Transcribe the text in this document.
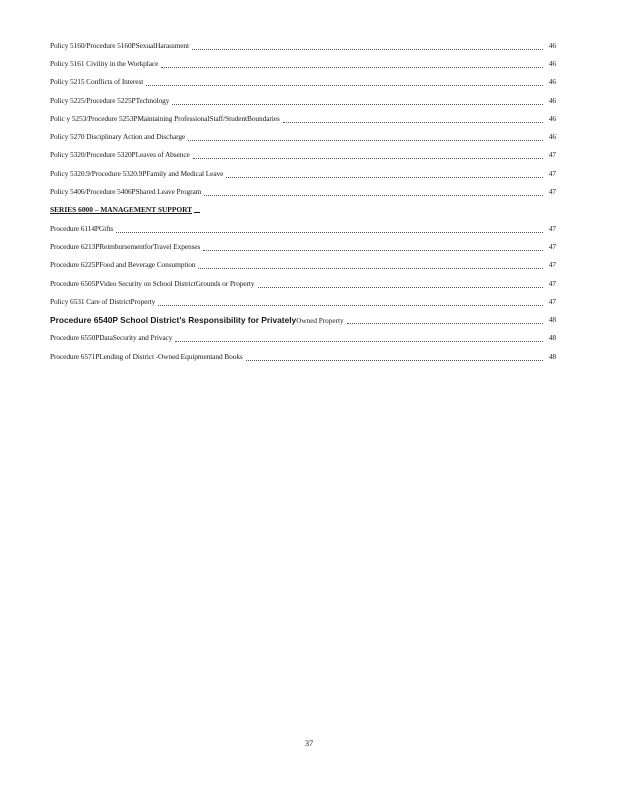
Policy 5160/Procedure 5160PSexualHarassment	46
Policy 5161 Civility in the Workplace	46
Policy 5215 Conflicts of Interest	46
Policy 5225/Procedure 5225PTechnology	46
Polic y 5253/Procedure 5253PMaintaining ProfessionalStaff/StudentBoundaries	46
Policy 5270 Disciplinary Action and Discharge	46
Policy 5320/Procedure 5320PLeaves of Absence	47
Policy 5320.9/Procedure 5320.9PFamily and Medical Leave	47
Policy 5406/Procedure 5406PShared Leave Program	47
SERIES 6000 – MANAGEMENT SUPPORT
Procedure 6114PGifts	47
Procedure 6213PReimbursementforTravel Expenses	47
Procedure 6225PFood and Beverage Consumption	47
Procedure 6505PVideo Security on School DistrictGrounds or Property	47
Policy 6531 Care of DistrictProperty	47
Procedure 6540P School District’s Responsibility for PrivatelyOwned Property	48
Procedure 6550PDataSecurity and Privacy	48
Procedure 6571PLending of District -Owned Equipmentand Books	48
37
